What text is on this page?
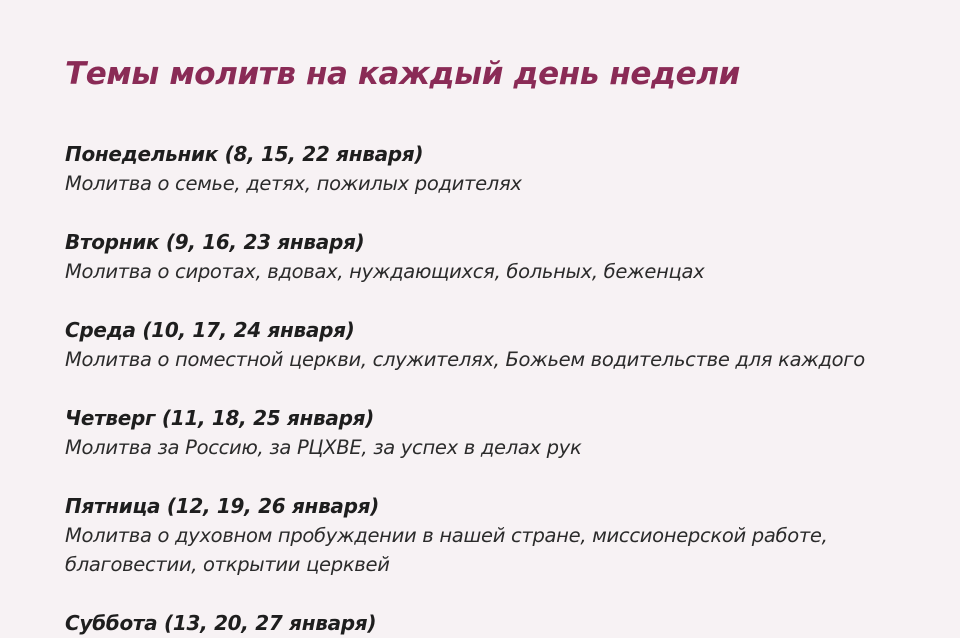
Темы молитв на каждый день недели
Понедельник (8, 15, 22 января)
Молитва о семье, детях, пожилых родителях
Вторник (9, 16, 23 января)
Молитва о сиротах, вдовах, нуждающихся, больных, беженцах
Среда (10, 17, 24 января)
Молитва о поместной церкви, служителях, Божьем водительстве для каждого
Четверг (11, 18, 25 января)
Молитва за Россию, за РЦХВЕ, за успех в делах рук
Пятница (12, 19, 26 января)
Молитва о духовном пробуждении в нашей стране, миссионерской работе,
благовестии, открытии церквей
Суббота (13, 20, 27 января)
